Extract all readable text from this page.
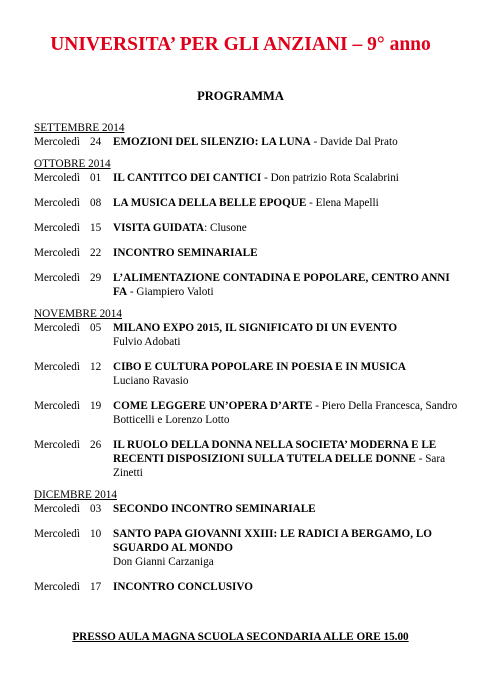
UNIVERSITA’ PER GLI ANZIANI – 9° anno
PROGRAMMA
SETTEMBRE 2014
Mercoledì 24	EMOZIONI DEL SILENZIO: LA LUNA - Davide Dal Prato
OTTOBRE 2014
Mercoledì 01	IL CANTITCO DEI CANTICI - Don patrizio Rota Scalabrini
Mercoledì 08	LA MUSICA DELLA BELLE EPOQUE - Elena Mapelli
Mercoledì 15	VISITA GUIDATA: Clusone
Mercoledì 22	INCONTRO SEMINARIALE
Mercoledì 29	L’ALIMENTAZIONE CONTADINA E POPOLARE, CENTRO ANNI FA - Giampiero Valoti
NOVEMBRE 2014
Mercoledì 05	MILANO EXPO 2015, IL SIGNIFICATO DI UN EVENTO
Fulvio Adobati
Mercoledì 12	CIBO E CULTURA POPOLARE IN POESIA E IN MUSICA
Luciano Ravasio
Mercoledì 19	COME LEGGERE UN’OPERA D’ARTE - Piero Della Francesca, Sandro Botticelli e Lorenzo Lotto
Mercoledì 26	IL RUOLO DELLA DONNA NELLA SOCIETA’ MODERNA E LE RECENTI DISPOSIZIONI SULLA TUTELA DELLE DONNE - Sara Zinetti
DICEMBRE 2014
Mercoledì 03	SECONDO INCONTRO SEMINARIALE
Mercoledì 10	SANTO PAPA GIOVANNI XXIII: LE RADICI A BERGAMO, LO SGUARDO AL MONDO
Don Gianni Carzaniga
Mercoledì 17	INCONTRO CONCLUSIVO
PRESSO AULA MAGNA SCUOLA SECONDARIA ALLE ORE 15.00
